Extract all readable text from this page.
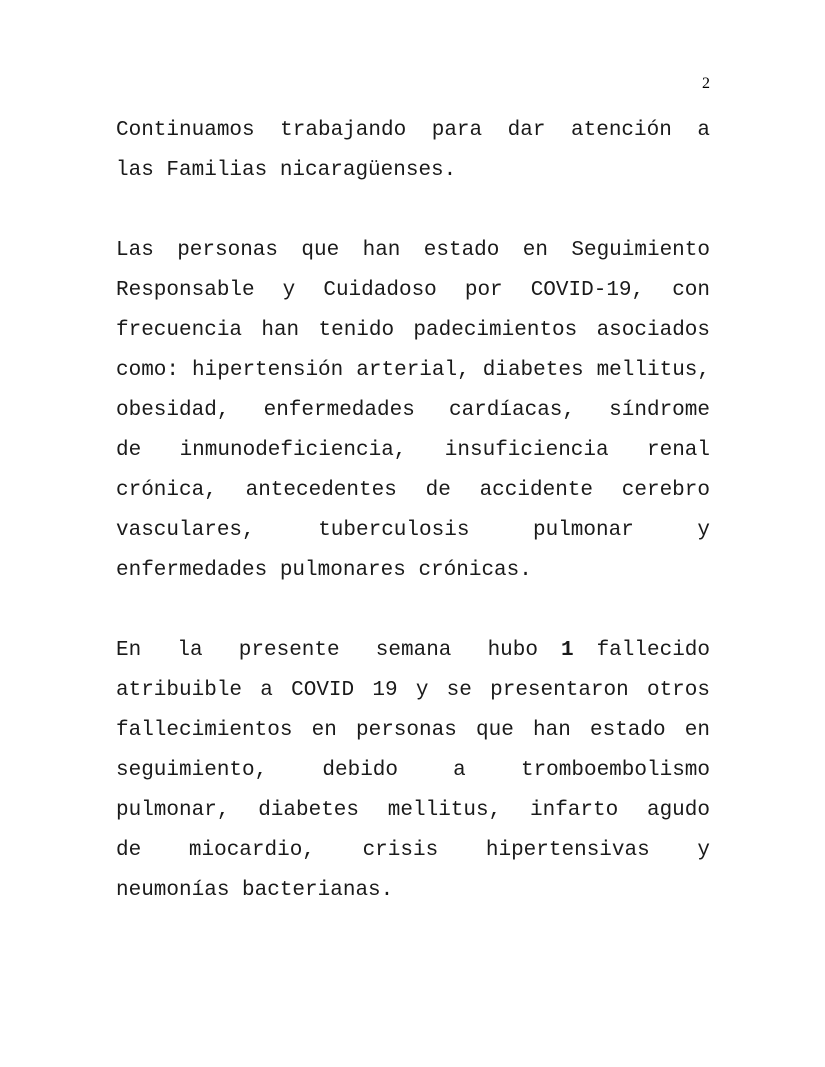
2
Continuamos trabajando para dar atención a
las Familias nicaragüenses.
Las personas que han estado en Seguimiento
Responsable y Cuidadoso por COVID-19, con
frecuencia han tenido padecimientos asociados
como: hipertensión arterial, diabetes mellitus,
obesidad, enfermedades cardíacas, síndrome
de inmunodeficiencia, insuficiencia renal
crónica, antecedentes de accidente cerebro
vasculares, tuberculosis pulmonar y
enfermedades pulmonares crónicas.
En la presente semana hubo 1 fallecido
atribuible a COVID 19 y se presentaron otros
fallecimientos en personas que han estado en
seguimiento, debido a tromboembolismo
pulmonar, diabetes mellitus, infarto agudo
de miocardio, crisis hipertensivas y
neumonías bacterianas.
